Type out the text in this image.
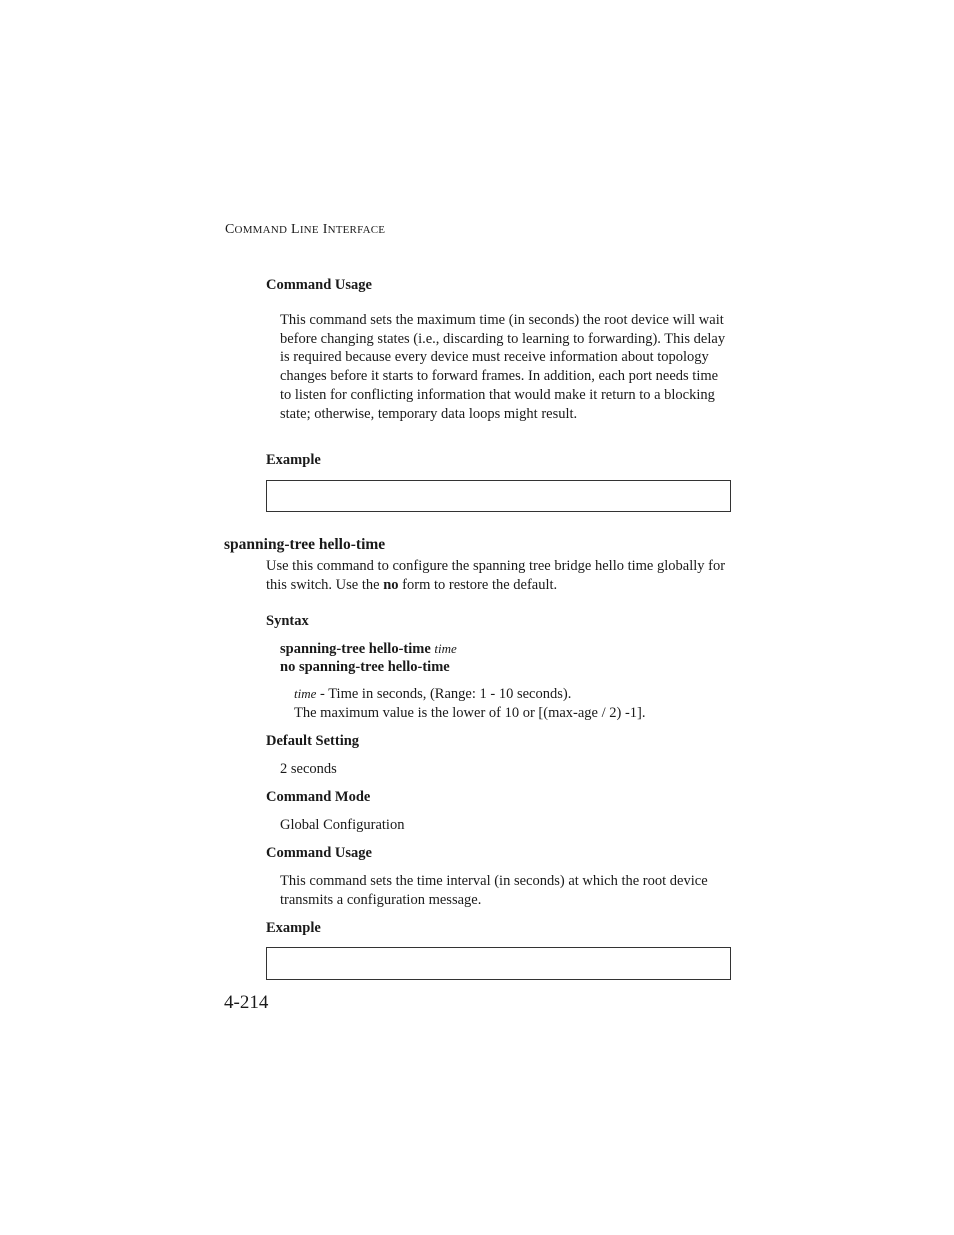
COMMAND LINE INTERFACE
Command Usage

This command sets the maximum time (in seconds) the root device will wait before changing states (i.e., discarding to learning to forwarding). This delay is required because every device must receive information about topology changes before it starts to forward frames. In addition, each port needs time to listen for conflicting information that would make it return to a blocking state; otherwise, temporary data loops might result.

Example
spanning-tree hello-time

Use this command to configure the spanning tree bridge hello time globally for this switch. Use the no form to restore the default.

Syntax
spanning-tree hello-time time
no spanning-tree hello-time
time - Time in seconds, (Range: 1 - 10 seconds).
The maximum value is the lower of 10 or [(max-age / 2) -1].
Default Setting
2 seconds
Command Mode
Global Configuration
Command Usage

This command sets the time interval (in seconds) at which the root device transmits a configuration message.

Example
4-214
